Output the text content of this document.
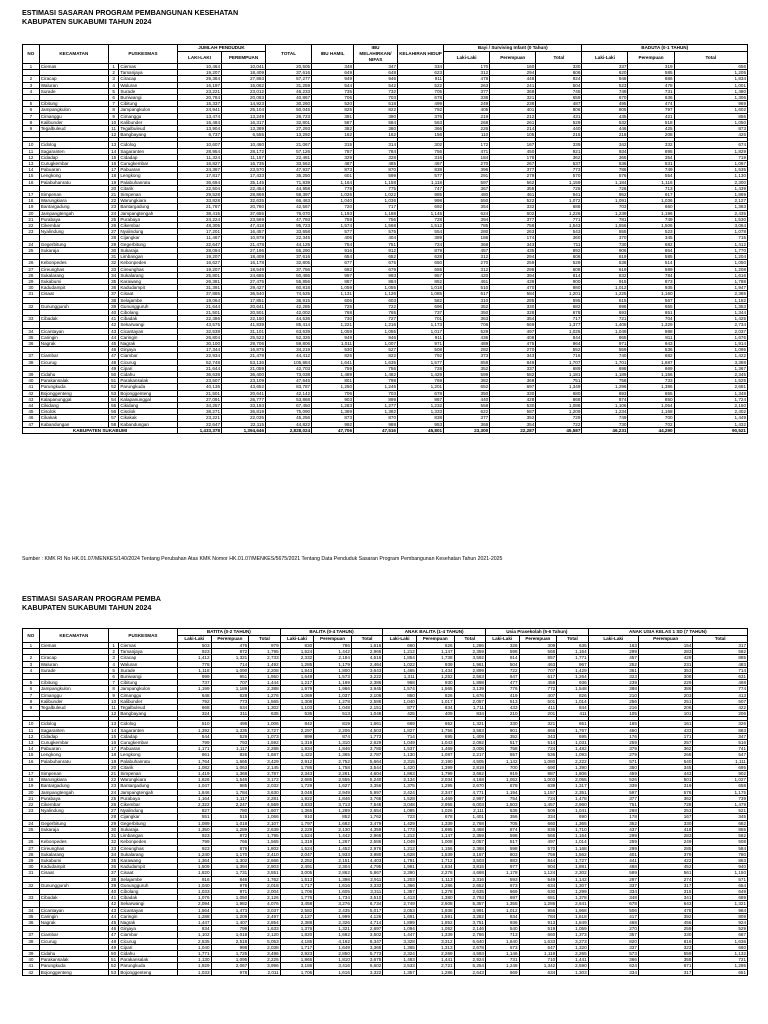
ESTIMASI SASARAN PROGRAM PEMBANGUNAN KESEHATAN
KABUPATEN SUKABUMI TAHUN 2024
NO	KECAMATAN	PUSKESMAS		JUMLAH PENDUDUK		TOTAL	IBU HAMIL	IBU MELAHIRKAN/ NIFAS	KELAHIRAN HIDUP	Bayi / Surviving Infant (0 Tahun)			BADUTA (0-1 TAHUN)		
				LAKI-LAKI	PEREMPUAN					Laki-Laki	Perempuan	Total	Laki-Laki	Perempuan	Total

1	Ciemas	1	Ciemas	10,464	10,041	20,505	348	347	334	170	160	330	337	319	656
		2	Tamanjaya	19,207	18,409	37,616	649	648	623	312	294	606	620	585	1,205
2	Ciracap	3	Ciracap	29,384	27,893	57,277	949	946	911	478	448	924	948	886	1,834
3	Waluran	4	Waluran	16,197	15,062	31,259	544	542	522	263	241	504	523	478	1,001
4	Surade	5	Surade	23,221	23,012	46,233	735	732	705	377	368	745	749	731	1,480
		6	Buniwangi	20,784	20,083	40,867	706	703	678	338	321	659	670	636	1,306
5	Cibitung	7	Cibitung	15,337	14,923	30,260	520	518	499	249	238	487	495	474	969
6	Jampangkulon	8	Jampangkulon	24,941	25,104	50,045	825	822	792	405	401	806	805	797	1,602
7	Cimanggu	9	Cimanggu	13,474	13,249	26,723	391	390	376	219	212	431	435	421	856
8	Kalibunder	10	Kalibunder	16,484	16,317	32,801	587	584	563	268	261	529	532	518	1,050
9	Tegalbuleud	11	Tegalbuleud	13,904	13,389	27,293	382	380	366	226	214	440	446	425	873
		12	Bangbayang	6,737	6,555	13,292	162	162	156	110	105	215	218	208	426

10	Cidolog	13	Cidolog	10,607	10,460	21,067	315	314	302	172	167	339	342	332	674
11	Sagaranten	14	Sagaranten	28,954	28,172	57,126	787	784	756	471	450	921	934	895	1,829
12	Cidadap	15	Cidadap	11,324	11,157	22,481	329	328	316	184	178	362	365	354	719
13	Curugkembar	16	Curugkembar	16,827	16,735	33,562	487	485	467	270	267	537	536	531	1,067
14	Pabuaran	17	Pabuaran	24,367	23,570	47,937	873	870	838	396	377	773	786	749	1,535
15	Lengkong	18	Lengkong	17,817	17,433	35,250	601	599	577	291	279	570	576	554	1,130
16	Palabuhanratu	19	Palabuhanratu	36,694	35,145	71,839	1,164	1,158	1,118	597	562	1,159	1,184	1,116	2,300
		20	Citarik	22,504	22,454	44,958	778	775	747	367	359	726	726	713	1,439
17	Simpenan	21	Simpenan	29,528	28,869	58,397	1,026	1,022	985	480	461	941	952	917	1,869
18	Warungkiara	22	Warungkiara	33,828	32,635	66,463	1,040	1,036	998	550	522	1,072	1,091	1,036	2,127
19	Bantargadung	23	Bantargadung	21,787	20,780	42,567	720	717	692	354	332	686	703	660	1,363
20	Jampangtengah	24	Jampangtengah	38,415	37,655	76,070	1,193	1,188	1,145	624	602	1,226	1,239	1,196	2,435
21	Purabaya	25	Purabaya	24,224	23,569	47,793	759	756	728	394	377	771	781	749	1,530
22	Cikembar	26	Cikembar	48,305	47,418	95,723	1,574	1,568	1,512	785	758	1,543	1,556	1,506	3,064
23	Nyalindung	27	Nyalindung	17,201	16,457	33,658	577	575	554	280	263	543	555	523	1,078
		28	Cijangkar	11,467	10,878	22,345	406	404	389	186	174	360	370	345	715
24	Gegerbitung	29	Gegerbitung	22,647	21,478	44,125	754	751	724	368	343	711	730	682	1,412
25	Sukaraja	30	Sukaraja	28,094	27,196	55,290	916	912	879	457	435	892	906	864	1,770
		31	Limbangan	19,207	18,409	37,616	654	652	628	312	294	606	619	585	1,204
26	Kebonpedes	32	Kebonpedes	16,627	16,178	32,805	677	675	650	270	259	529	538	514	1,050
27	Cireunghas	33	Cireunghas	19,207	18,549	37,756	682	679	655	312	296	608	619	589	1,208
28	Sukalarang	34	Sukalarang	25,801	24,685	50,486	997	993	957	420	394	814	832	784	1,616
29	Sukabumi	35	Karawang	26,381	27,475	55,856	887	884	852	461	439	900	915	873	1,788
30	Kadudampit	36	Kadudampit	31,391	29,427	60,818	1,059	1,055	1,018	510	470	980	1,012	935	1,947
31	Cisaat	37	Cisaat	37,885	36,540	74,525	1,131	1,126	1,085	617	584	1,201	1,225	1,160	2,385
		38	Selajambe	19,064	17,851	36,915	606	603	582	310	285	595	615	567	1,182
32	Gunungguruh	39	Gunungguruh	21,644	20,641	42,285	725	722	696	352	330	682	698	655	1,353
		40	Cibolang	21,501	20,501	42,002	768	765	737	350	328	678	693	651	1,344
33	Cibadak	41	Cibadak	22,386	22,150	44,536	730	727	701	363	354	717	721	704	1,425
		42	Sekarwangi	43,575	41,839	85,414	1,221	1,216	1,173	708	669	1,377	1,405	1,329	2,734
34	Cicantayan	43	Cicantayan	32,538	31,101	63,639	1,059	1,055	1,017	529	497	1,026	1,049	988	2,037
35	Caringin	44	Caringin	26,804	25,522	52,326	949	946	911	436	408	844	865	811	1,676
36	Nagrak	45	Nagrak	30,100	29,706	59,806	1,011	1,007	971	489	475	964	971	943	1,914
		46	Ginjaya	17,344	16,875	34,219	530	527	508	282	270	552	559	536	1,095
37	Ciambar	47	Ciambar	22,934	21,478	44,412	825	822	792	373	343	716	740	682	1,422
38	Cicurug	48	Cicurug	52,748	53,136	105,884	1,641	1,635	1,577	858	849	1,707	1,701	1,687	3,388
		49	Cipari	21,644	21,059	42,703	759	756	728	352	337	689	698	669	1,367
39	Cidahu	50	Cidahu	36,638	36,400	73,038	1,489	1,482	1,429	599	582	1,181	1,189	1,156	2,345
40	Parakansalak	51	Parakansalak	23,507	23,109	47,646	801	798	769	382	369	751	758	733	1,525
41	Parungkuda	52	Parungkuda	40,135	43,652	83,787	1,250	1,245	1,201	652	697	1,349	1,296	1,386	2,681
42	Bojonggenteng	53	Bojonggenteng	21,501	20,641	42,142	706	703	678	350	330	680	693	655	1,348
43	Kalapanunggal	54	Kalapanunggal	27,091	26,777	53,868	903	899	867	440	428	868	874	850	1,724
44	Cikidang	55	Cikidang	34,257	33,193	67,450	1,283	1,277	1,232	558	530	1,088	1,106	1,054	2,160
45	Cisolok	56	Cisolok	38,271	36,819	75,090	1,389	1,382	1,333	622	587	1,209	1,234	1,168	2,402
46	Cikakak	57	Cikakak	23,221	22,035	45,256	873	870	838	377	352	729	749	700	1,449
47	Kabandungan	58	Kabandungan	22,647	22,115	44,822	992	988	953	368	354	722	730	702	1,432
KABUPATEN SUKABUMI				1,433,378	1,394,646	2,828,024	47,706	47,516	45,801	23,300	22,287	45,587	46,231	44,290	90,521
Sumber : KMK RI No HK.01.07/MENKES/140/2024 Tentang Perubahan Atas KMK Nomor HK.01.07/MENKES/5675/2021 Tentang Data Penduduk Sasaran Program Pembangunan Kesehatan Tahun 2021-2025
ESTIMASI SASARAN PROGRAM PEMBA
KABUPATEN SUKABUMI TAHUN 2024
NO	KECAMATAN	PUSKESMAS		BATITA (0-2 TAHUN)			BALITA (0-4 TAHUN)			ANAK BALITA (1-4 TAHUN)			Usia Prasekolah (5-6 Tahun)			ANAK USIA KELAS 1 SD (7 TAHUN)		
				Laki-Laki	Perempuan	Total	Laki-Laki	Perempuan	Total	Laki-Laki	Perempuan	Total	Laki-Laki	Perempuan	Total	Laki-Laki	Perempuan	Total
1	Ciemas	1	Ciemas	503	476	979	830	786	1,616	660	626	1,286	326	309	635	163	154	317
		2	Tamanjaya	923	872	1,795	1,524	1,442	2,966	1,212	1,147	2,359	598	566	1,164	299	283	582
2	Ciracap	3	Ciracap	1,412	1,321	2,733	2,332	2,184	4,516	1,854	1,738	3,592	914	857	1,771	457	428	885
3	Waluran	4	Waluran	778	714	1,492	1,285	1,179	2,464	1,022	939	1,961	504	463	967	252	231	483
4	Surade	5	Surade	1,118	1,090	2,208	1,843	1,800	3,643	1,465	1,434	2,899	722	707	1,429	361	353	714
		6	Buniwangi	999	951	1,950	1,649	1,573	3,222	1,311	1,252	2,563	647	617	1,264	323	308	631
5	Cibitung	7	Cibitung	737	707	1,444	1,217	1,169	2,386	968	930	1,898	477	459	936	239	229	468
6	Jampangkulon	8	Jampangkulon	1,199	1,189	2,388	1,979	1,966	3,945	1,574	1,565	3,139	776	772	1,548	388	386	774
7	Cimanggu	9	Cimanggu	648	628	1,276	1,069	1,037	2,106	850	826	1,676	419	407	826	210	203	413
8	Kalibunder	10	Kalibunder	792	773	1,565	1,308	1,278	2,586	1,040	1,017	2,057	513	501	1,014	256	251	507
9	Tegalbuleud	11	Tegalbuleud	668	634	1,302	1,103	1,048	2,151	877	834	1,711	433	411	844	216	206	422
		12	Bangbayang	324	311	635	535	513	1,048	425	409	834	210	201	411	105	101	206

10	Cidolog	13	Cidolog	510	496	1,006	842	819	1,661	669	652	1,321	330	321	651	165	161	326
11	Sagaranten	14	Sagaranten	1,392	1,335	2,727	2,297	2,206	4,503	1,827	1,756	3,583	901	866	1,767	450	433	883
12	Cidadap	15	Cidadap	544	529	1,073	899	874	1,773	714	695	1,409	352	343	695	176	171	347
13	Curugkembar	16	Curugkembar	799	793	1,592	1,319	1,310	2,629	1,049	1,043	2,092	517	514	1,031	259	257	516
14	Pabuaran	17	Pabuaran	1,171	1,117	2,288	1,934	1,846	3,780	1,537	1,469	3,006	758	724	1,482	379	362	741
15	Lengkong	18	Lengkong	861	826	1,687	1,422	1,365	2,787	1,130	1,087	2,217	557	536	1,093	279	268	547
16	Palabuhanratu	19	Palabuhanratu	1,764	1,665	3,429	2,912	2,752	5,664	2,315	2,190	4,505	1,142	1,080	2,222	571	540	1,111
		20	Citarik	1,082	1,063	2,145	1,786	1,758	3,544	1,420	1,399	2,819	700	690	1,390	350	345	695
17	Simpenan	21	Simpenan	1,419	1,368	2,787	2,343	2,261	4,604	1,863	1,799	3,662	919	887	1,806	459	443	902
18	Warungkiara	22	Warungkiara	1,626	1,546	3,172	2,685	2,555	5,240	2,134	2,034	4,168	1,052	1,003	2,055	526	501	1,027
19	Bantargadung	23	Bantargadung	1,047	985	2,032	1,729	1,627	3,356	1,375	1,295	2,670	678	639	1,317	339	319	658
20	Jampangtengah	24	Jampangtengah	1,846	1,784	3,630	3,048	2,949	5,997	2,424	2,347	4,771	1,194	1,157	2,351	597	578	1,175
21	Purabaya	25	Purabaya	1,164	1,117	2,281	1,922	1,846	3,768	1,528	1,469	2,997	754	724	1,478	377	362	739
22	Cikembar	26	Cikembar	2,322	2,247	4,569	3,833	3,713	7,546	3,048	2,955	6,003	1,503	1,457	2,960	751	728	1,479
23	Nyalindung	27	Nyalindung	827	780	1,607	1,365	1,289	2,654	1,085	1,026	2,111	535	506	1,041	268	253	521
		28	Cijangkar	551	515	1,066	910	852	1,762	723	678	1,401	356	334	690	178	167	345
24	Gegerbitung	29	Gegerbitung	1,089	1,018	2,107	1,797	1,682	3,479	1,429	1,339	2,768	705	660	1,365	352	330	682
25	Sukaraja	30	Sukaraja	1,350	1,289	2,639	2,229	2,130	4,359	1,773	1,695	3,468	874	836	1,710	437	418	855
		31	Limbangan	923	872	1,795	1,524	1,442	2,966	1,212	1,147	2,359	598	566	1,164	299	283	582
26	Kebonpedes	32	Kebonpedes	799	766	1,565	1,319	1,267	2,586	1,049	1,008	2,057	517	497	1,014	259	249	508
27	Cireunghas	33	Cireunghas	923	879	1,802	1,524	1,452	2,976	1,212	1,156	2,368	598	570	1,168	299	285	584
28	Sukalarang	34	Sukalarang	1,240	1,170	2,410	2,047	1,933	3,980	1,628	1,539	3,167	803	759	1,562	401	379	780
29	Sukabumi	35	Karawang	1,364	1,302	2,666	2,252	2,151	4,403	1,791	1,712	3,503	883	844	1,727	441	422	863
30	Kadudampit	36	Kadudampit	1,509	1,394	2,903	2,491	2,304	4,795	1,981	1,834	3,815	977	904	1,881	488	452	940
31	Cisaat	37	Cisaat	1,820	1,731	3,551	3,005	2,862	5,867	2,390	2,278	4,668	1,178	1,124	2,302	589	561	1,150
		38	Selajambe	916	846	1,762	1,513	1,398	2,911	1,203	1,113	2,316	593	549	1,142	297	274	571
32	Gunungguruh	39	Gunungguruh	1,040	978	2,018	1,717	1,616	3,333	1,366	1,286	2,652	673	634	1,307	337	317	654
		40	Cibolang	1,033	971	2,004	1,706	1,605	3,311	1,357	1,278	2,635	669	630	1,299	334	315	649
33	Cibadak	41	Cibadak	1,076	1,050	2,126	1,776	1,734	3,510	1,413	1,380	2,793	697	681	1,378	348	341	689
		42	Sekarwangi	2,094	1,982	4,076	3,458	3,276	6,734	2,749	2,608	5,357	1,355	1,286	2,641	678	643	1,321
34	Cicantayan	43	Cicantayan	1,564	1,473	3,037	2,582	2,435	5,017	2,053	1,938	3,991	1,012	956	1,968	506	478	984
35	Caringin	44	Caringin	1,288	1,209	2,497	2,127	1,999	4,126	1,691	1,591	3,282	834	784	1,618	417	392	809
36	Nagrak	45	Nagrak	1,447	1,407	2,854	2,388	2,326	4,714	1,899	1,852	3,751	936	913	1,849	468	456	924
		46	Ginjaya	834	799	1,633	1,376	1,321	2,697	1,094	1,052	2,146	540	519	1,059	270	259	529
37	Ciambar	47	Ciambar	1,102	1,018	2,120	1,820	1,682	3,502	1,447	1,339	2,786	713	660	1,373	357	330	687
38	Cicurug	48	Cicurug	2,535	2,518	5,053	4,185	4,162	8,347	3,328	3,312	6,640	1,640	1,633	3,273	820	816	1,636
		49	Cipari	1,040	998	2,038	1,717	1,649	3,366	1,365	1,313	2,678	673	647	1,320	337	323	660
39	Cidahu	50	Cidahu	1,771	1,725	3,496	2,923	2,850	5,773	2,324	2,269	4,593	1,146	1,119	2,265	573	559	1,132
40	Parakansalak	51	Parakansalak	1,130	1,095	2,225	1,865	1,810	3,675	1,483	1,441	2,924	731	710	1,441	366	355	721
41	Parungkuda	52	Parungkuda	1,929	2,067	3,996	3,186	3,416	6,602	2,533	2,721	5,254	1,248	1,342	2,590	624	671	1,295
42	Bojonggenteng	53	Bojonggenteng	1,033	978	2,011	1,706	1,616	3,322	1,357	1,286	2,643	669	634	1,303	334	317	651
